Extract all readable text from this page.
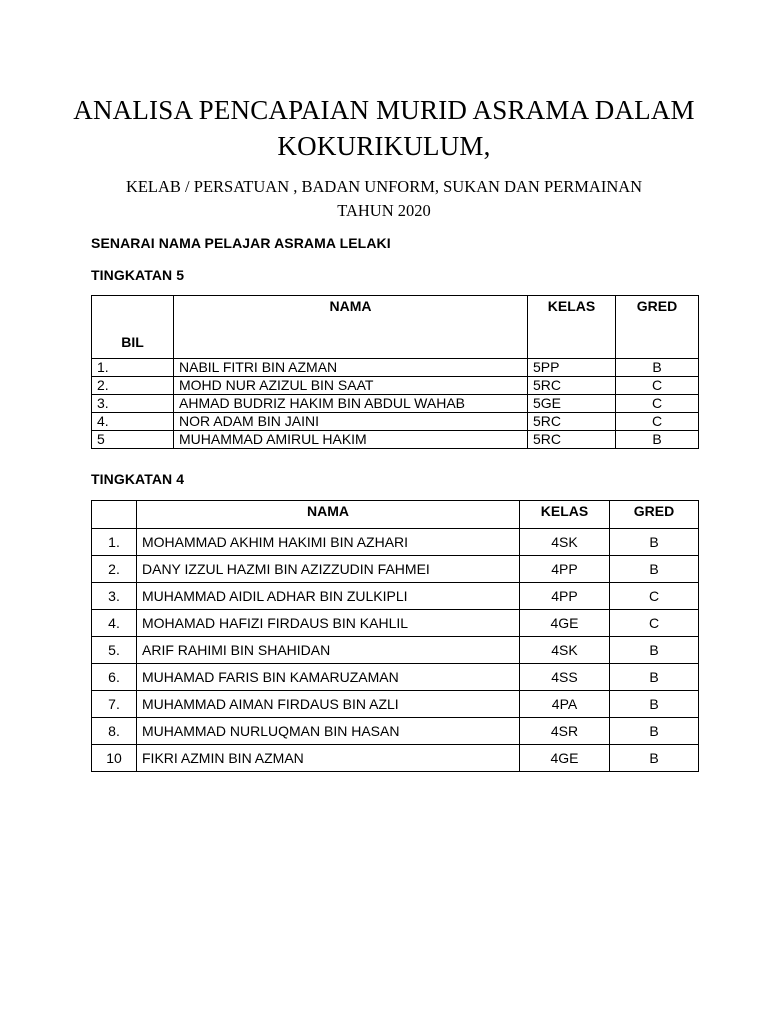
ANALISA PENCAPAIAN MURID ASRAMA DALAM
KOKURIKULUM,
KELAB / PERSATUAN , BADAN UNFORM, SUKAN DAN PERMAINAN
TAHUN 2020
SENARAI NAMA PELAJAR ASRAMA LELAKI
TINGKATAN 5
BIL	NAMA	KELAS	GRED
1.	NABIL FITRI BIN AZMAN	5PP	B
2.	MOHD NUR AZIZUL BIN SAAT	5RC	C
3.	AHMAD BUDRIZ HAKIM BIN ABDUL WAHAB	5GE	C
4.	NOR ADAM BIN JAINI	5RC	C
5	MUHAMMAD AMIRUL HAKIM	5RC	B
TINGKATAN 4
	NAMA	KELAS	GRED
1.	MOHAMMAD AKHIM HAKIMI BIN AZHARI	4SK	B
2.	DANY IZZUL HAZMI BIN AZIZZUDIN FAHMEI	4PP	B
3.	MUHAMMAD AIDIL ADHAR BIN ZULKIPLI	4PP	C
4.	MOHAMAD HAFIZI FIRDAUS BIN KAHLIL	4GE	C
5.	ARIF RAHIMI BIN SHAHIDAN	4SK	B
6.	MUHAMAD FARIS BIN KAMARUZAMAN	4SS	B
7.	MUHAMMAD AIMAN FIRDAUS BIN AZLI	4PA	B
8.	MUHAMMAD NURLUQMAN BIN HASAN	4SR	B
10	FIKRI AZMIN BIN AZMAN	4GE	B
